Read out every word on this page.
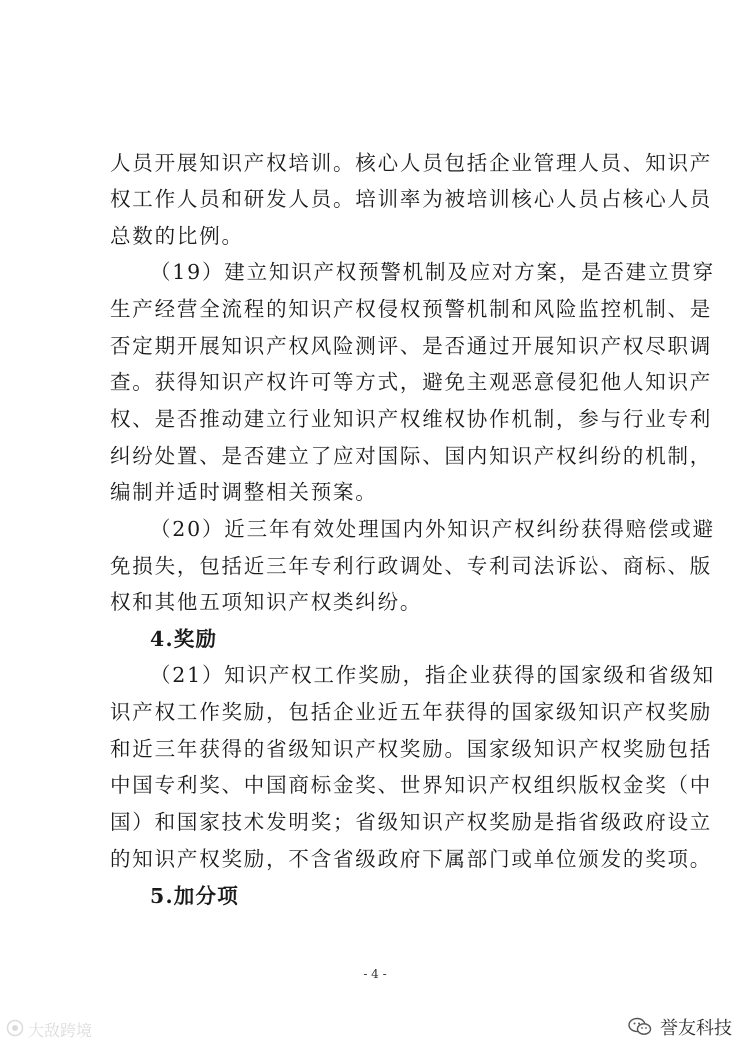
人员开展知识产权培训。核心人员包括企业管理人员、知识产
权工作人员和研发人员。培训率为被培训核心人员占核心人员
总数的比例。
（19）建立知识产权预警机制及应对方案，是否建立贯穿
生产经营全流程的知识产权侵权预警机制和风险监控机制、是
否定期开展知识产权风险测评、是否通过开展知识产权尽职调
查。获得知识产权许可等方式，避免主观恶意侵犯他人知识产
权、是否推动建立行业知识产权维权协作机制，参与行业专利
纠纷处置、是否建立了应对国际、国内知识产权纠纷的机制，
编制并适时调整相关预案。
（20）近三年有效处理国内外知识产权纠纷获得赔偿或避
免损失，包括近三年专利行政调处、专利司法诉讼、商标、版
权和其他五项知识产权类纠纷。
4.奖励
（21）知识产权工作奖励，指企业获得的国家级和省级知
识产权工作奖励，包括企业近五年获得的国家级知识产权奖励
和近三年获得的省级知识产权奖励。国家级知识产权奖励包括
中国专利奖、中国商标金奖、世界知识产权组织版权金奖（中
国）和国家技术发明奖；省级知识产权奖励是指省级政府设立
的知识产权奖励，不含省级政府下属部门或单位颁发的奖项。
5.加分项
- 4 -
大敌跨境	誉友科技
